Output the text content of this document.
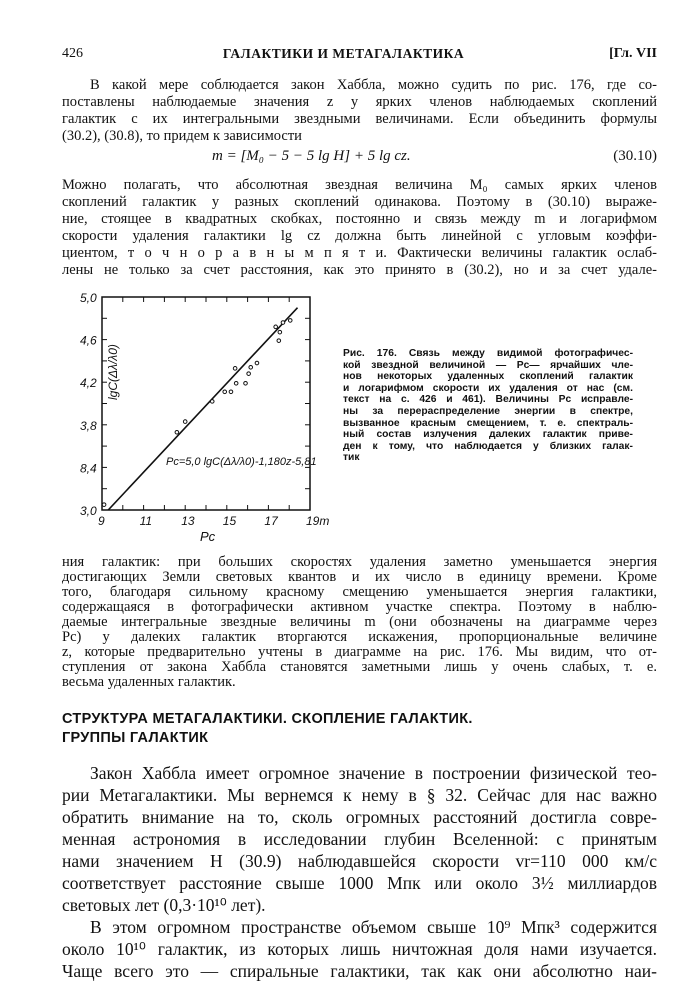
426	ГАЛАКТИКИ И МЕТАГАЛАКТИКА	[Гл. VII
В какой мере соблюдается закон Хаббла, можно судить по рис. 176, где со-
поставлены наблюдаемые значения z у ярких членов наблюдаемых скоплений
галактик с их интегральными звездными величинами. Если объединить формулы
(30.2), (30.8), то придем к зависимости
m = [M₀ − 5 − 5 lg H] + 5 lg cz.	(30.10)
Можно полагать, что абсолютная звездная величина M₀ самых ярких членов
скоплений галактик у разных скоплений одинакова. Поэтому в (30.10) выраже-
ние, стоящее в квадратных скобках, постоянно и связь между m и логарифмом
скорости удаления галактики lg cz должна быть линейной с угловым коэффи-
циентом, т о ч н о р а в н ы м п я т и. Фактически величины галактик ослаб-
лены не только за счет расстояния, как это принято в (30.2), но и за счет удале-
9	11 13 15 17 19m
3,0
8,4
3,8
4,2
4,6
5,0
Pc=5,0 lgC(Δλ/λ0)-1,180z-5,81
lgC(Δλ/λ0)
Pc
Рис. 176. Связь между видимой фотографичес-
кой звездной величиной — Pc— ярчайших чле-
нов некоторых удаленных скоплений галактик
и логарифмом скорости их удаления от нас (см.
текст на с. 426 и 461). Величины Pc исправле-
ны за перераспределение энергии в спектре,
вызванное красным смещением, т. е. спектраль-
ный состав излучения далеких галактик приве-
ден к тому, что наблюдается у близких галак-
тик
ния галактик: при больших скоростях удаления заметно уменьшается энергия
достигающих Земли световых квантов и их число в единицу времени. Кроме
того, благодаря сильному красному смещению уменьшается энергия галактики,
содержащаяся в фотографически активном участке спектра. Поэтому в наблю-
даемые интегральные звездные величины m (они обозначены на диаграмме через
Pc) у далеких галактик вторгаются искажения, пропорциональные величине
z, которые предварительно учтены в диаграмме на рис. 176. Мы видим, что от-
ступления от закона Хаббла становятся заметными лишь у очень слабых, т. е.
весьма удаленных галактик.
СТРУКТУРА МЕТАГАЛАКТИКИ. СКОПЛЕНИЕ ГАЛАКТИК.
ГРУППЫ ГАЛАКТИК
Закон Хаббла имеет огромное значение в построении физической тео-
рии Метагалактики. Мы вернемся к нему в § 32. Сейчас для нас важно
обратить внимание на то, сколь огромных расстояний достигла совре-
менная астрономия в исследовании глубин Вселенной: с принятым
нами значением H (30.9) наблюдавшейся скорости vr=110 000 км/с
соответствует расстояние свыше 1000 Мпк или около 3½ миллиардов
световых лет (0,3·10¹⁰ лет).
В этом огромном пространстве объемом свыше 10⁹ Мпк³ содержится
около 10¹⁰ галактик, из которых лишь ничтожная доля нами изучается.
Чаще всего это — спиральные галактики, так как они абсолютно наи-
